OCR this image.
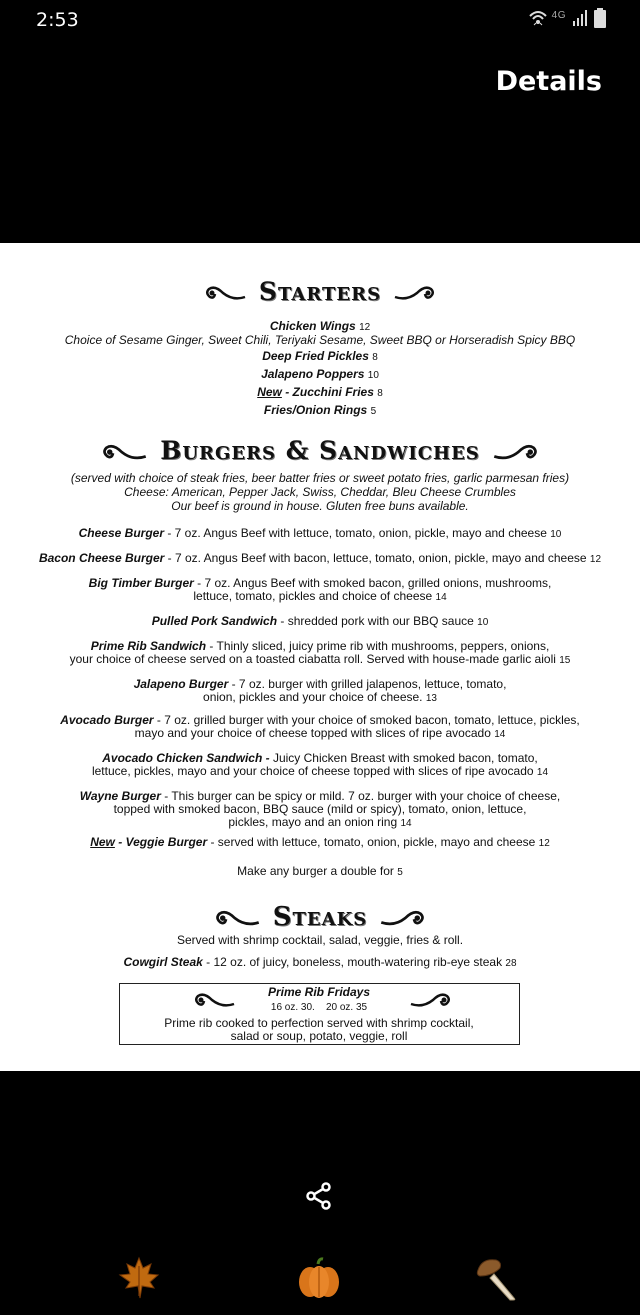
2:53	4G
Details
Starters
Chicken Wings 12
Choice of Sesame Ginger, Sweet Chili, Teriyaki Sesame, Sweet BBQ or Horseradish Spicy BBQ
Deep Fried Pickles 8
Jalapeno Poppers 10
New - Zucchini Fries 8
Fries/Onion Rings 5
Burgers & Sandwiches
(served with choice of steak fries, beer batter fries or sweet potato fries, garlic parmesan fries)
Cheese: American, Pepper Jack, Swiss, Cheddar, Bleu Cheese Crumbles
Our beef is ground in house. Gluten free buns available.
Cheese Burger - 7 oz. Angus Beef with lettuce, tomato, onion, pickle, mayo and cheese 10
Bacon Cheese Burger - 7 oz. Angus Beef with bacon, lettuce, tomato, onion, pickle, mayo and cheese 12
Big Timber Burger - 7 oz. Angus Beef with smoked bacon, grilled onions, mushrooms,
lettuce, tomato, pickles and choice of cheese 14
Pulled Pork Sandwich - shredded pork with our BBQ sauce 10
Prime Rib Sandwich - Thinly sliced, juicy prime rib with mushrooms, peppers, onions,
your choice of cheese served on a toasted ciabatta roll. Served with house-made garlic aioli 15
Jalapeno Burger - 7 oz. burger with grilled jalapenos, lettuce, tomato,
onion, pickles and your choice of cheese. 13
Avocado Burger - 7 oz. grilled burger with your choice of smoked bacon, tomato, lettuce, pickles,
mayo and your choice of cheese topped with slices of ripe avocado 14
Avocado Chicken Sandwich - Juicy Chicken Breast with smoked bacon, tomato,
lettuce, pickles, mayo and your choice of cheese topped with slices of ripe avocado 14
Wayne Burger - This burger can be spicy or mild. 7 oz. burger with your choice of cheese,
topped with smoked bacon, BBQ sauce (mild or spicy), tomato, onion, lettuce,
pickles, mayo and an onion ring 14
New - Veggie Burger - served with lettuce, tomato, onion, pickle, mayo and cheese 12
Make any burger a double for 5
Steaks
Served with shrimp cocktail, salad, veggie, fries & roll.
Cowgirl Steak - 12 oz. of juicy, boneless, mouth-watering rib-eye steak 28
Prime Rib Fridays
16 oz. 30.    20 oz. 35
Prime rib cooked to perfection served with shrimp cocktail,
salad or soup, potato, veggie, roll
